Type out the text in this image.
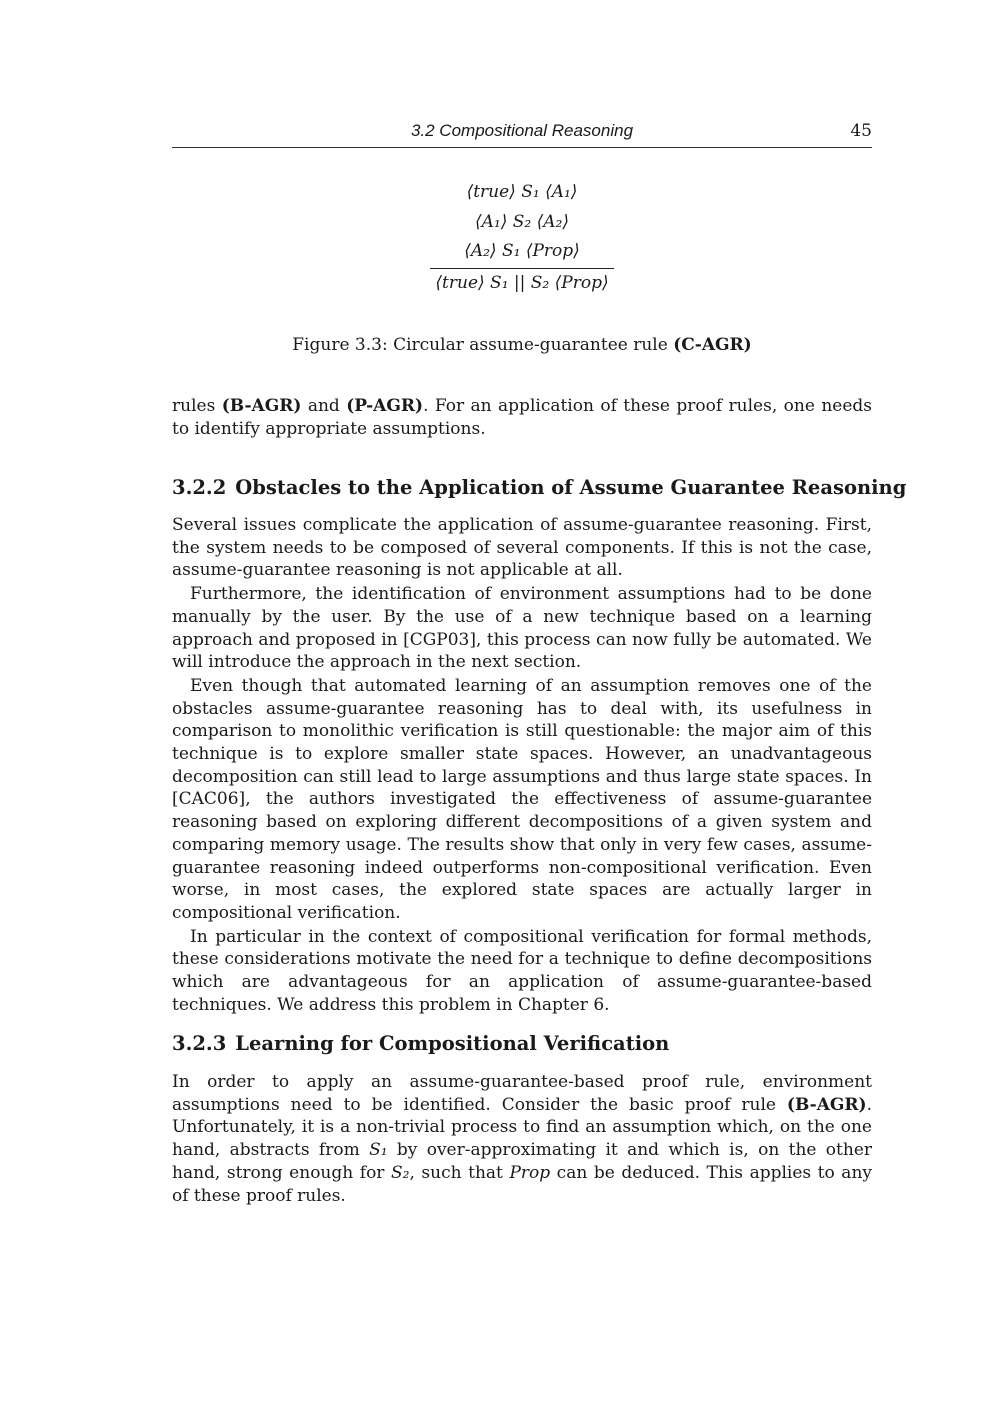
3.2 Compositional Reasoning	45
⟨true⟩ S₁ ⟨A₁⟩
⟨A₁⟩ S₂ ⟨A₂⟩
⟨A₂⟩ S₁ ⟨Prop⟩
⟨true⟩ S₁ || S₂ ⟨Prop⟩
Figure 3.3: Circular assume-guarantee rule (C-AGR)

rules (B-AGR) and (P-AGR). For an application of these proof rules, one needs to identify appropriate assumptions.

3.2.2 Obstacles to the Application of Assume Guarantee Reasoning

Several issues complicate the application of assume-guarantee reasoning. First, the system needs to be composed of several components. If this is not the case, assume-guarantee reasoning is not applicable at all.

Furthermore, the identification of environment assumptions had to be done manually by the user. By the use of a new technique based on a learning approach and proposed in [CGP03], this process can now fully be automated. We will introduce the approach in the next section.

Even though that automated learning of an assumption removes one of the obstacles assume-guarantee reasoning has to deal with, its usefulness in comparison to monolithic verification is still questionable: the major aim of this technique is to explore smaller state spaces. However, an unadvantageous decomposition can still lead to large assumptions and thus large state spaces. In [CAC06], the authors investigated the effectiveness of assume-guarantee reasoning based on exploring different decompositions of a given system and comparing memory usage. The results show that only in very few cases, assume-guarantee reasoning indeed outperforms non-compositional verification. Even worse, in most cases, the explored state spaces are actually larger in compositional verification.

In particular in the context of compositional verification for formal methods, these considerations motivate the need for a technique to define decompositions which are advantageous for an application of assume-guarantee-based techniques. We address this problem in Chapter 6.

3.2.3 Learning for Compositional Verification

In order to apply an assume-guarantee-based proof rule, environment assumptions need to be identified. Consider the basic proof rule (B-AGR). Unfortunately, it is a non-trivial process to find an assumption which, on the one hand, abstracts from S₁ by over-approximating it and which is, on the other hand, strong enough for S₂, such that Prop can be deduced. This applies to any of these proof rules.
